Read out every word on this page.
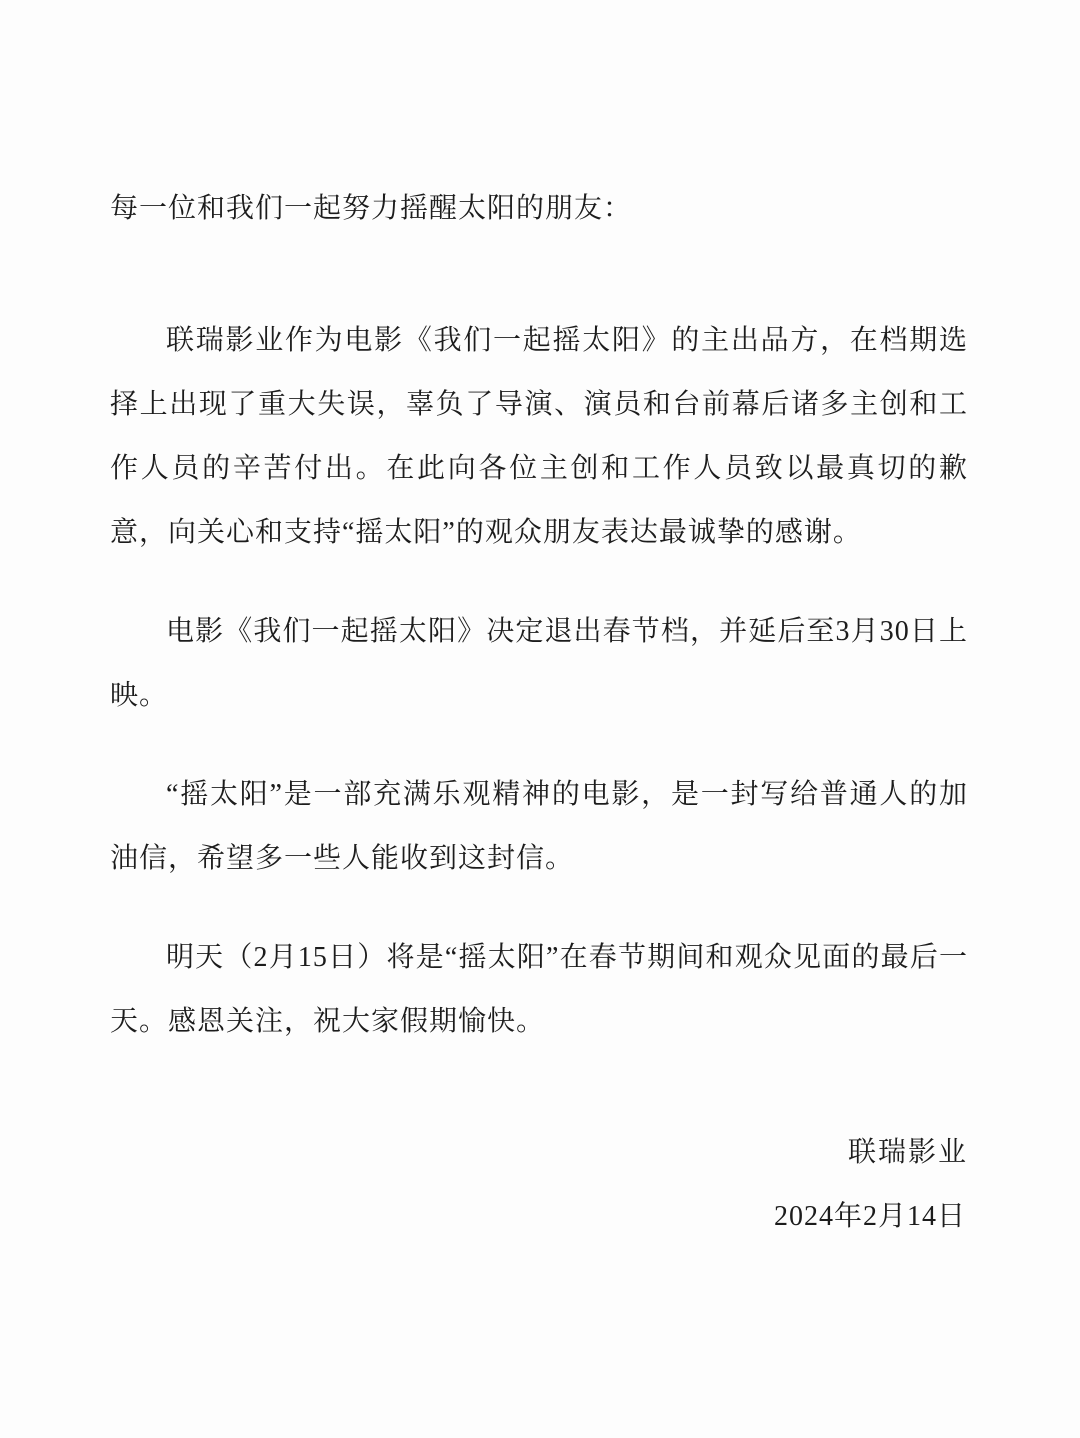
每一位和我们一起努力摇醒太阳的朋友：

联瑞影业作为电影《我们一起摇太阳》的主出品方，在档期选择上出现了重大失误，辜负了导演、演员和台前幕后诸多主创和工作人员的辛苦付出。在此向各位主创和工作人员致以最真切的歉意，向关心和支持“摇太阳”的观众朋友表达最诚挚的感谢。

电影《我们一起摇太阳》决定退出春节档，并延后至3月30日上映。

“摇太阳”是一部充满乐观精神的电影，是一封写给普通人的加油信，希望多一些人能收到这封信。

明天（2月15日）将是“摇太阳”在春节期间和观众见面的最后一天。感恩关注，祝大家假期愉快。

联瑞影业
2024年2月14日
